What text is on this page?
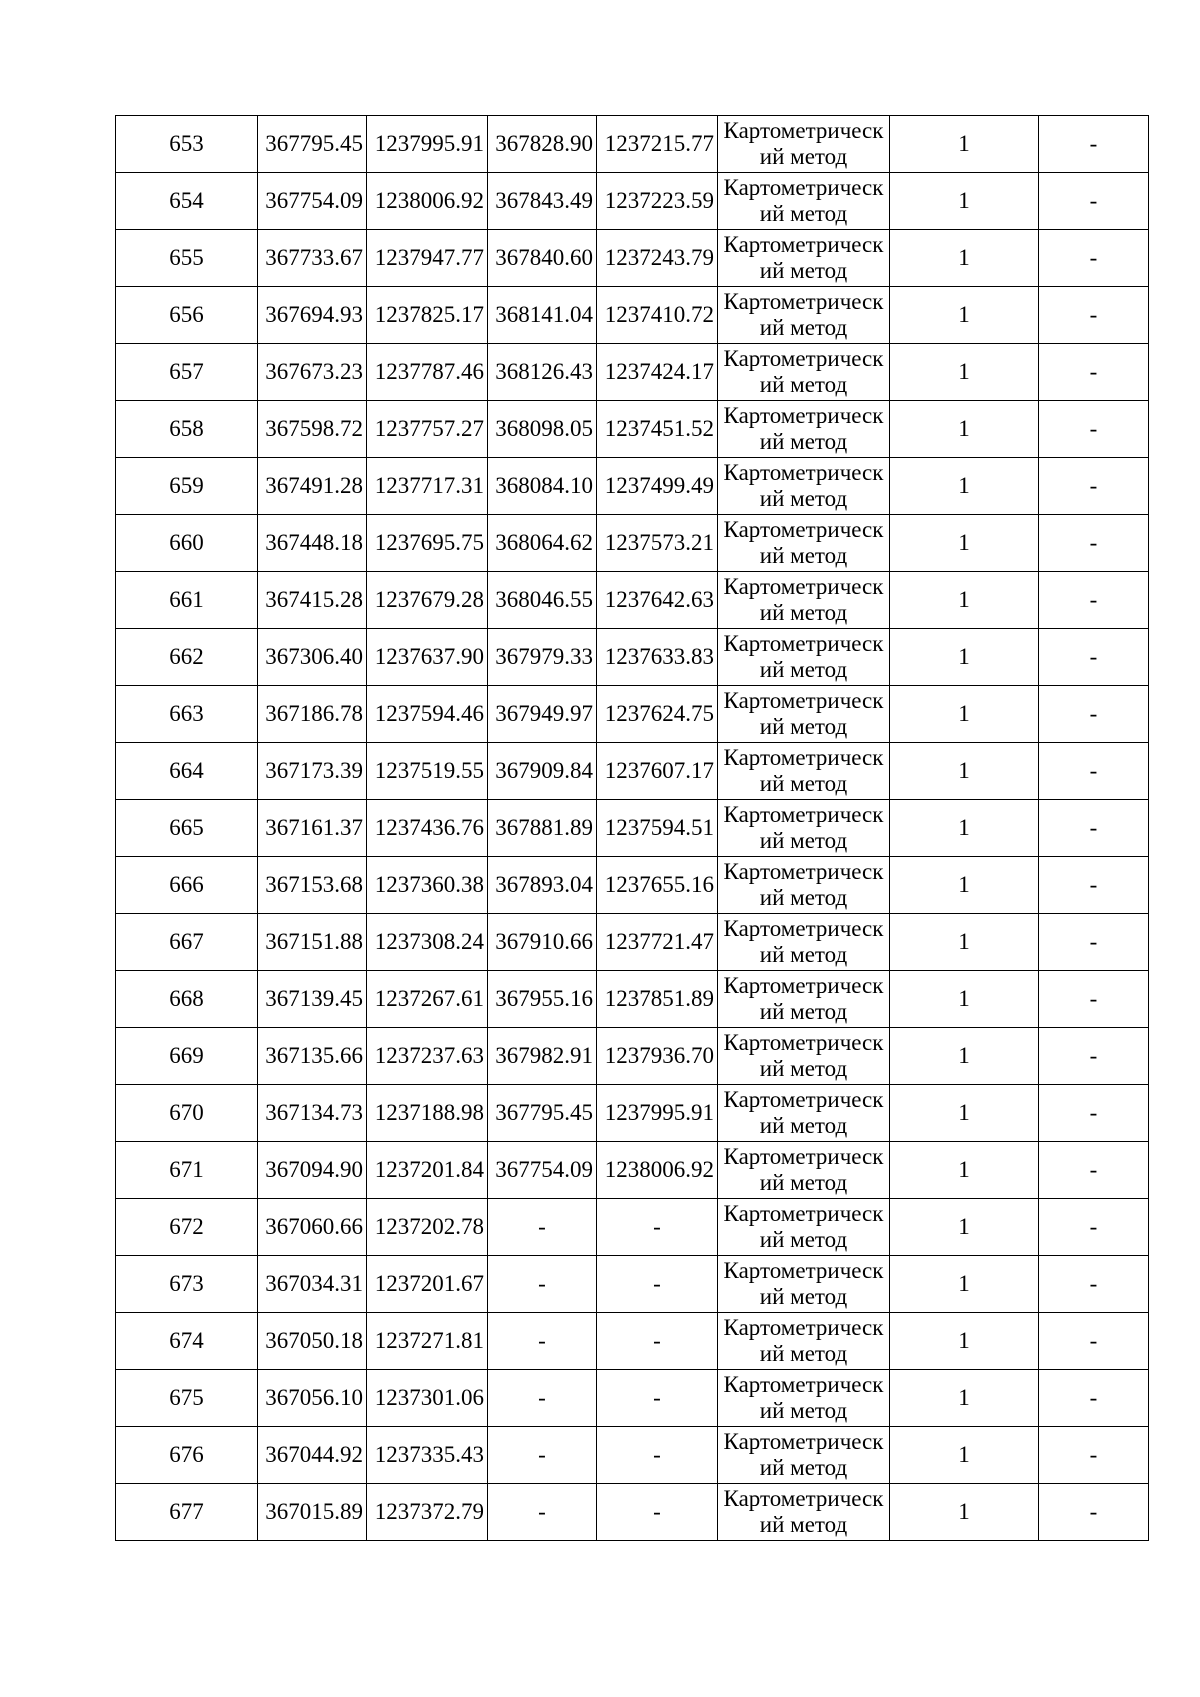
653	367795.45	1237995.91	367828.90	1237215.77	Картометрическ
ий метод	1	-
654	367754.09	1238006.92	367843.49	1237223.59	Картометрическ
ий метод	1	-
655	367733.67	1237947.77	367840.60	1237243.79	Картометрическ
ий метод	1	-
656	367694.93	1237825.17	368141.04	1237410.72	Картометрическ
ий метод	1	-
657	367673.23	1237787.46	368126.43	1237424.17	Картометрическ
ий метод	1	-
658	367598.72	1237757.27	368098.05	1237451.52	Картометрическ
ий метод	1	-
659	367491.28	1237717.31	368084.10	1237499.49	Картометрическ
ий метод	1	-
660	367448.18	1237695.75	368064.62	1237573.21	Картометрическ
ий метод	1	-
661	367415.28	1237679.28	368046.55	1237642.63	Картометрическ
ий метод	1	-
662	367306.40	1237637.90	367979.33	1237633.83	Картометрическ
ий метод	1	-
663	367186.78	1237594.46	367949.97	1237624.75	Картометрическ
ий метод	1	-
664	367173.39	1237519.55	367909.84	1237607.17	Картометрическ
ий метод	1	-
665	367161.37	1237436.76	367881.89	1237594.51	Картометрическ
ий метод	1	-
666	367153.68	1237360.38	367893.04	1237655.16	Картометрическ
ий метод	1	-
667	367151.88	1237308.24	367910.66	1237721.47	Картометрическ
ий метод	1	-
668	367139.45	1237267.61	367955.16	1237851.89	Картометрическ
ий метод	1	-
669	367135.66	1237237.63	367982.91	1237936.70	Картометрическ
ий метод	1	-
670	367134.73	1237188.98	367795.45	1237995.91	Картометрическ
ий метод	1	-
671	367094.90	1237201.84	367754.09	1238006.92	Картометрическ
ий метод	1	-
672	367060.66	1237202.78	-	-	Картометрическ
ий метод	1	-
673	367034.31	1237201.67	-	-	Картометрическ
ий метод	1	-
674	367050.18	1237271.81	-	-	Картометрическ
ий метод	1	-
675	367056.10	1237301.06	-	-	Картометрическ
ий метод	1	-
676	367044.92	1237335.43	-	-	Картометрическ
ий метод	1	-
677	367015.89	1237372.79	-	-	Картометрическ
ий метод	1	-
